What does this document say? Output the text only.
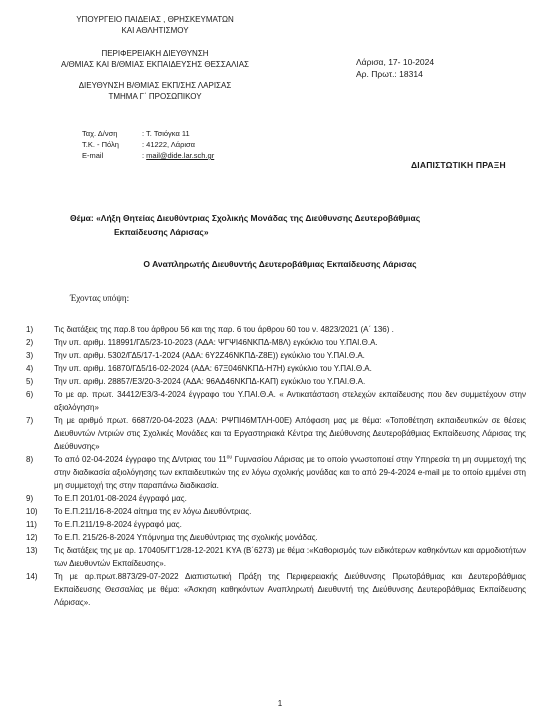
ΥΠΟΥΡΓΕΙΟ ΠΑΙΔΕΙΑΣ , ΘΡΗΣΚΕΥΜΑΤΩΝ
ΚΑΙ ΑΘΛΗΤΙΣΜΟΥ
ΠΕΡΙΦΕΡΕΙΑΚΗ ΔΙΕΥΘΥΝΣΗ
Α/ΘΜΙΑΣ ΚΑΙ Β/ΘΜΙΑΣ ΕΚΠΑΙΔΕΥΣΗΣ ΘΕΣΣΑΛΙΑΣ
ΔΙΕΥΘΥΝΣΗ Β/ΘΜΙΑΣ ΕΚΠ/ΣΗΣ ΛΑΡΙΣΑΣ
ΤΜΗΜΑ Γ΄ ΠΡΟΣΩΠΙΚΟΥ
Ταχ. Δ/νση	: Τ. Τσιόγκα 11
Τ.Κ. - Πόλη	: 41222, Λάρισα
E-mail	: mail@dide.lar.sch.gr
Λάρισα, 17- 10-2024
Αρ. Πρωτ.: 18314
ΔΙΑΠΙΣΤΩΤΙΚΗ ΠΡΑΞΗ
Θέμα: «Λήξη Θητείας Διευθύντριας Σχολικής Μονάδας της Διεύθυνσης Δευτεροβάθμιας
Εκπαίδευσης Λάρισας»
Ο Αναπληρωτής Διευθυντής Δευτεροβάθμιας Εκπαίδευσης Λάρισας
Έχοντας υπόψη:
1)	Τις διατάξεις της παρ.8 του άρθρου 56 και της παρ. 6 του άρθρου 60 του ν. 4823/2021 (Α΄ 136) .
2)	Την υπ. αριθμ. 118991/ΓΔ5/23-10-2023 (ΑΔΑ: ΨΓΨΙ46ΝΚΠΔ-Μ8Λ) εγκύκλιο του Υ.ΠΑΙ.Θ.Α.
3)	Την υπ. αριθμ. 5302/ΓΔ5/17-1-2024 (ΑΔΑ: 6Υ2Ζ46ΝΚΠΔ-Ζ8Ε)) εγκύκλιο του Υ.ΠΑΙ.Θ.Α.
4)	Την υπ. αριθμ. 16870/ΓΔ5/16-02-2024 (ΑΔΑ: 67Ξ046ΝΚΠΔ-Η7Η) εγκύκλιο του Υ.ΠΑΙ.Θ.Α.
5)	Την υπ. αριθμ. 28857/Ε3/20-3-2024 (ΑΔΑ: 96ΑΔ46ΝΚΠΔ-ΚΑΠ) εγκύκλιο του Υ.ΠΑΙ.Θ.Α.
6)	Το με αρ. πρωτ. 34412/Ε3/3-4-2024 έγγραφο του Υ.ΠΑΙ.Θ.Α. « Αντικατάσταση στελεχών εκπαίδευσης που δεν συμμετέχουν στην αξιολόγηση»
7)	Τη με αριθμό πρωτ. 6687/20-04-2023 (ΑΔΑ: ΡΨΠΙ46ΜΤΛΗ-00Ε) Απόφαση μας με θέμα: «Τοποθέτηση εκπαιδευτικών σε θέσεις Διευθυντών /ντριών στις Σχολικές Μονάδες και τα Εργαστηριακά Κέντρα της Διεύθυνσης Δευτεροβάθμιας Εκπαίδευσης Λάρισας της Διεύθυνσης»
8)	Το από 02-04-2024 έγγραφο της Δ/ντριας του $11^{o\upsilon}$ Γυμνασίου Λάρισας με το οποίο γνωστοποιεί στην Υπηρεσία τη μη συμμετοχή της στην διαδικασία αξιολόγησης των εκπαιδευτικών της εν λόγω σχολικής μονάδας και το από 29-4-2024 e-mail με το οποίο εμμένει στη μη συμμετοχή της στην παραπάνω διαδικασία.
9)	Το Ε.Π 201/01-08-2024 έγγραφό μας.
10)	Το Ε.Π.211/16-8-2024 αίτημα της εν λόγω Διευθύντριας.
11)	Το Ε.Π.211/19-8-2024 έγγραφό μας.
12)	Το Ε.Π. 215/26-8-2024 Υπόμνημα της Διευθύντριας της σχολικής μονάδας.
13)	Τις διατάξεις της με αρ. 170405/ΓΓ1/28-12-2021 ΚΥΑ (Β΄6273) με θέμα :«Καθορισμός των ειδικότερων καθηκόντων και αρμοδιοτήτων των Διευθυντών Εκπαίδευσης».
14)	Τη με αρ.πρωτ.8873/29-07-2022 Διαπιστωτική Πράξη της Περιφερειακής Διεύθυνσης Πρωτοβάθμιας και Δευτεροβάθμιας Εκπαίδευσης Θεσσαλίας με θέμα: «Άσκηση καθηκόντων Αναπληρωτή Διευθυντή της Διεύθυνσης Δευτεροβάθμιας Εκπαίδευσης Λάρισας».
1
